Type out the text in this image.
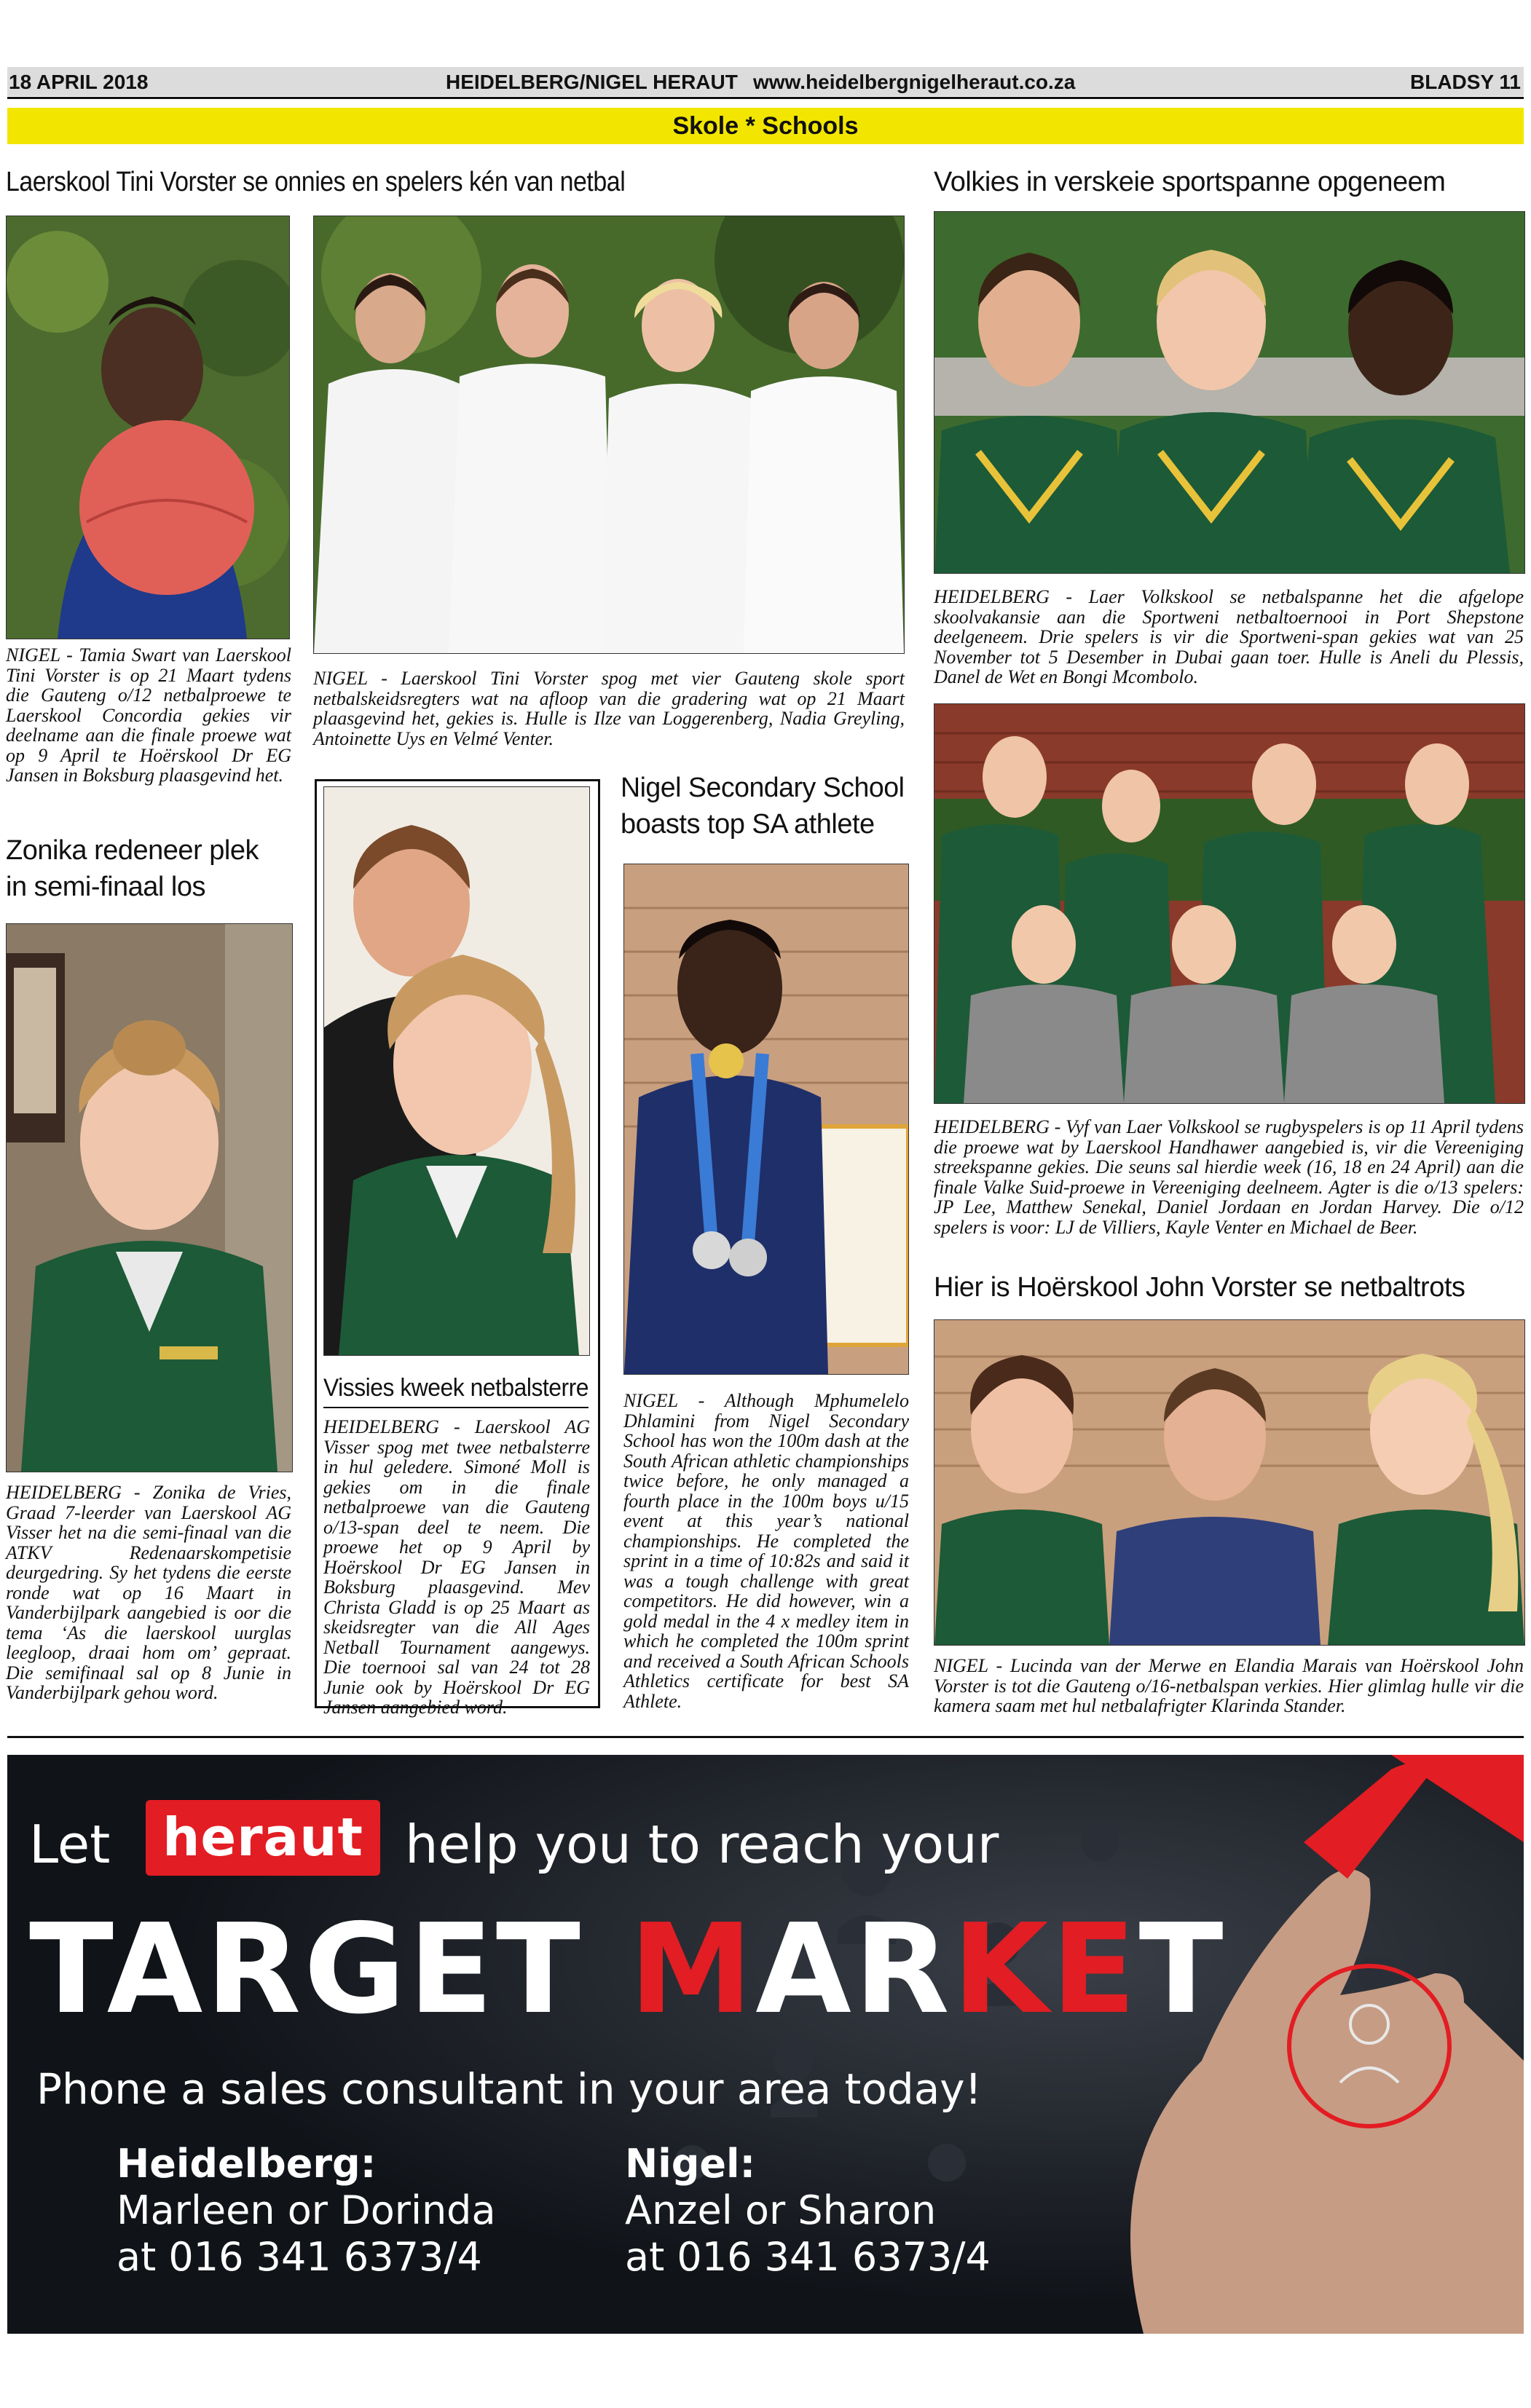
18 APRIL 2018	HEIDELBERG/NIGEL HERAUT www.heidelbergnigelheraut.co.za	BLADSY 11
Skole * Schools
Laerskool Tini Vorster se onnies en spelers kén van netbal

NIGEL - Tamia Swart van Laerskool Tini Vorster is op 21 Maart tydens die Gauteng o/12 netbalproewe te Laerskool Concordia gekies vir deelname aan die finale proewe wat op 9 April te Hoërskool Dr EG Jansen in Boksburg plaasgevind het.

NIGEL - Laerskool Tini Vorster spog met vier Gauteng skole sport netbalskeidsregters wat na afloop van die gradering wat op 21 Maart plaasgevind het, gekies is. Hulle is Ilze van Loggerenberg, Nadia Greyling, Antoinette Uys en Velmé Venter.

Zonika redeneer plek
in semi-finaal los

HEIDELBERG - Zonika de Vries, Graad 7-leerder van Laerskool AG Visser het na die semi-finaal van die ATKV Redenaarskompetisie deurgedring. Sy het tydens die eerste ronde wat op 16 Maart in Vanderbijlpark aangebied is oor die tema ‘As die laerskool uurglas leegloop, draai hom om’ gepraat. Die semifinaal sal op 8 Junie in Vanderbijlpark gehou word.

Vissies kweek netbalsterre

HEIDELBERG - Laerskool AG Visser spog met twee netbalsterre in hul geledere. Simoné Moll is gekies om in die finale netbalproewe van die Gauteng o/13-span deel te neem. Die proewe het op 9 April by Hoërskool Dr EG Jansen in Boksburg plaasgevind. Mev Christa Gladd is op 25 Maart as skeidsregter van die All Ages Netball Tournament aangewys. Die toernooi sal van 24 tot 28 Junie ook by Hoërskool Dr EG Jansen aangebied word.

Nigel Secondary School
boasts top SA athlete

NIGEL - Although Mphumelelo Dhlamini from Nigel Secondary School has won the 100m dash at the South African athletic championships twice before, he only managed a fourth place in the 100m boys u/15 event at this year’s national championships. He completed the sprint in a time of 10:82s and said it was a tough challenge with great competitors. He did however, win a gold medal in the 4 x medley item in which he completed the 100m sprint and received a South African Schools Athletics certificate for best SA Athlete.

Volkies in verskeie sportspanne opgeneem

HEIDELBERG - Laer Volkskool se netbalspanne het die afgelope skoolvakansie aan die Sportweni netbaltoernooi in Port Shepstone deelgeneem. Drie spelers is vir die Sportweni-span gekies wat van 25 November tot 5 Desember in Dubai gaan toer. Hulle is Aneli du Plessis, Danel de Wet en Bongi Mcombolo.

HEIDELBERG - Vyf van Laer Volkskool se rugbyspelers is op 11 April tydens die proewe wat by Laerskool Handhawer aangebied is, vir die Vereeniging streekspanne gekies. Die seuns sal hierdie week (16, 18 en 24 April) aan die finale Valke Suid-proewe in Vereeniging deelneem. Agter is die o/13 spelers: JP Lee, Matthew Senekal, Daniel Jordaan en Jordan Harvey. Die o/12 spelers is voor: LJ de Villiers, Kayle Venter en Michael de Beer.

Hier is Hoërskool John Vorster se netbaltrots

NIGEL - Lucinda van der Merwe en Elandia Marais van Hoërskool John Vorster is tot die Gauteng o/16-netbalspan verkies. Hier glimlag hulle vir die kamera saam met hul netbalafrigter Klarinda Stander.

Let heraut help you to reach your
TARGET MARKET
Phone a sales consultant in your area today!
Heidelberg:
Marleen or Dorinda
at 016 341 6373/4
Nigel:
Anzel or Sharon
at 016 341 6373/4
